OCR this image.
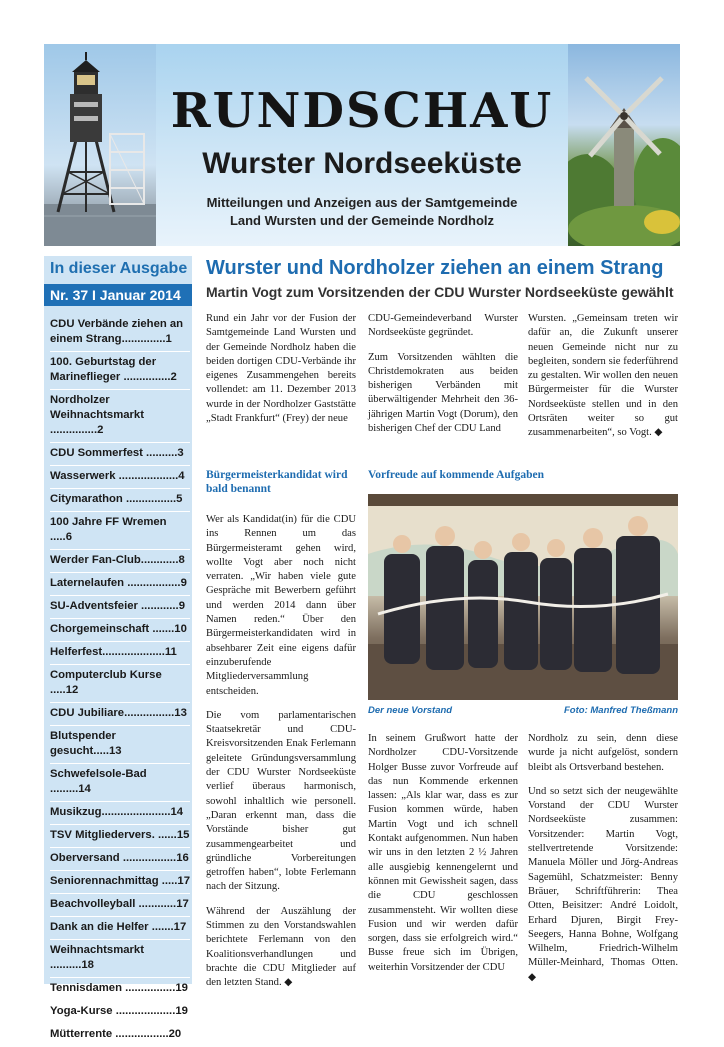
RUNDSCHAU
Wurster Nordseeküste
Mitteilungen und Anzeigen aus der Samtgemeinde
Land Wursten und der Gemeinde Nordholz
In dieser Ausgabe
Nr. 37 I Januar 2014
CDU Verbände ziehen an einem Strang..............1
100. Geburtstag der Marineflieger ...............2
Nordholzer Weihnachtsmarkt ...............2
CDU Sommerfest ..........3
Wasserwerk ...................4
Citymarathon ................5
100 Jahre FF Wremen .....6
Werder Fan-Club............8
Laternelaufen .................9
SU-Adventsfeier ............9
Chorgemeinschaft .......10
Helferfest....................11
Computerclub Kurse .....12
CDU Jubiliare................13
Blutspender gesucht.....13
Schwefelsole-Bad .........14
Musikzug......................14
TSV Mitgliedervers. ......15
Oberversand .................16
Seniorennachmittag .....17
Beachvolleyball ............17
Dank an die Helfer .......17
Weihnachtsmarkt ..........18
Tennisdamen ................19
Yoga-Kurse ...................19
Mütterrente .................20
Wurster und Nordholzer ziehen an einem Strang
Martin Vogt zum Vorsitzenden der CDU Wurster Nordseeküste gewählt

Rund ein Jahr vor der Fusion der Samtgemeinde Land Wursten und der Gemeinde Nordholz haben die beiden dortigen CDU-Verbände ihr eigenes Zusammengehen bereits vollendet: am 11. Dezember 2013 wurde in der Nordholzer Gaststätte „Stadt Frankfurt“ (Frey) der neue

CDU-Gemeindeverband Wurster Nordseeküste gegründet.

Zum Vorsitzenden wählten die Christdemokraten aus beiden bisherigen Verbänden mit überwältigender Mehrheit den 36-jährigen Martin Vogt (Dorum), den bisherigen Chef der CDU Land

Wursten. „Gemeinsam treten wir dafür an, die Zukunft unserer neuen Gemeinde nicht nur zu begleiten, sondern sie federführend zu gestalten. Wir wollen den neuen Bürgermeister für die Wurster Nordseeküste stellen und in den Ortsräten weiter so gut zusammenarbeiten“, so Vogt. ◆

Bürgermeisterkandidat wird bald benannt

Wer als Kandidat(in) für die CDU ins Rennen um das Bürgermeisteramt gehen wird, wollte Vogt aber noch nicht verraten. „Wir haben viele gute Gespräche mit Bewerbern geführt und werden 2014 dann über Namen reden.“ Über den Bürgermeisterkandidaten wird in absehbarer Zeit eine eigens dafür einzuberufende Mitgliederversammlung entscheiden.

Die vom parlamentarischen Staatsekretär und CDU-Kreisvorsitzenden Enak Ferlemann geleitete Gründungsversammlung der CDU Wurster Nordseeküste verlief überaus harmonisch, sowohl inhaltlich wie personell. „Daran erkennt man, dass die Vorstände bisher gut zusammengearbeitet und gründliche Vorbereitungen getroffen haben“, lobte Ferlemann nach der Sitzung.

Während der Auszählung der Stimmen zu den Vorstandswahlen berichtete Ferlemann von den Koalitionsverhandlungen und brachte die CDU Mitglieder auf den letzten Stand. ◆

Vorfreude auf kommende Aufgaben
Der neue Vorstand	Foto: Manfred Theßmann

In seinem Grußwort hatte der Nordholzer CDU-Vorsitzende Holger Busse zuvor Vorfreude auf das nun Kommende erkennen lassen: „Als klar war, dass es zur Fusion kommen würde, haben Martin Vogt und ich schnell Kontakt aufgenommen. Nun haben wir uns in den letzten 2 ½ Jahren alle ausgiebig kennengelernt und können mit Gewissheit sagen, dass die CDU geschlossen zusammensteht. Wir wollten diese Fusion und wir werden dafür sorgen, dass sie erfolgreich wird.“ Busse freue sich im Übrigen, weiterhin Vorsitzender der CDU

Nordholz zu sein, denn diese wurde ja nicht aufgelöst, sondern bleibt als Ortsverband bestehen.

Und so setzt sich der neugewählte Vorstand der CDU Wurster Nordseeküste zusammen: Vorsitzender: Martin Vogt, stellvertretende Vorsitzende: Manuela Möller und Jörg-Andreas Sagemühl, Schatzmeister: Benny Bräuer, Schriftführerin: Thea Otten, Beisitzer: André Loidolt, Erhard Djuren, Birgit Frey-Seegers, Hanna Bohne, Wolfgang Wilhelm, Friedrich-Wilhelm Müller-Meinhard, Thomas Otten. ◆
